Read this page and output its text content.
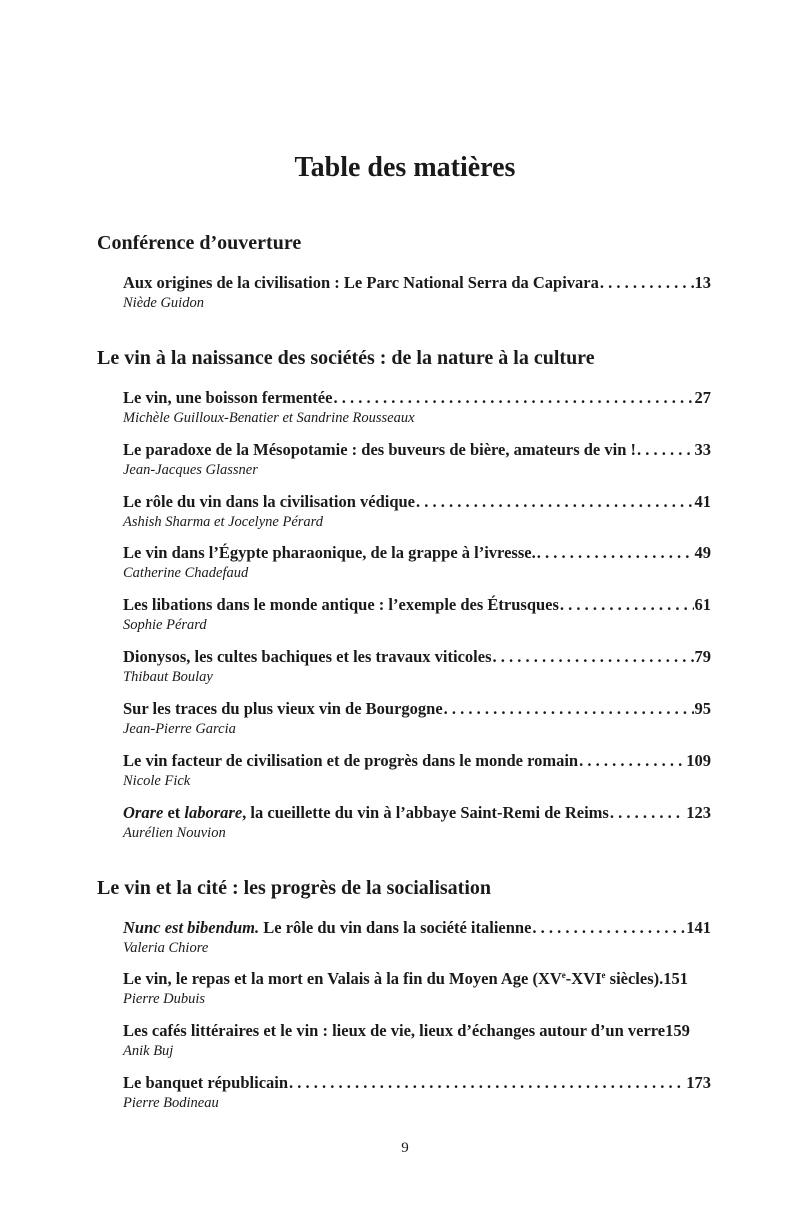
Table des matières
Conférence d’ouverture
Aux origines de la civilisation : Le Parc National Serra da Capivara . . .	13
Niède Guidon
Le vin à la naissance des sociétés : de la nature à la culture
Le vin, une boisson fermentée . . .	27
Michèle Guilloux-Benatier et Sandrine Rousseaux
Le paradoxe de la Mésopotamie : des buveurs de bière, amateurs de vin ! . . .	33
Jean-Jacques Glassner
Le rôle du vin dans la civilisation védique . . .	41
Ashish Sharma et Jocelyne Pérard
Le vin dans l’Égypte pharaonique, de la grappe à l’ivresse. . . .	49
Catherine Chadefaud
Les libations dans le monde antique : l’exemple des Étrusques . . .	61
Sophie Pérard
Dionysos, les cultes bachiques et les travaux viticoles . . .	79
Thibaut Boulay
Sur les traces du plus vieux vin de Bourgogne . . .	95
Jean-Pierre Garcia
Le vin facteur de civilisation et de progrès dans le monde romain . . .	109
Nicole Fick
Orare et laborare, la cueillette du vin à l’abbaye Saint-Remi de Reims . . .	123
Aurélien Nouvion
Le vin et la cité : les progrès de la socialisation
Nunc est bibendum. Le rôle du vin dans la société italienne . . .	141
Valeria Chiore
Le vin, le repas et la mort en Valais à la fin du Moyen Age (XVe-XVIe siècles). 151
Pierre Dubuis
Les cafés littéraires et le vin : lieux de vie, lieux d’échanges autour d’un verre 159
Anik Buj
Le banquet républicain . . .	173
Pierre Bodineau
9
